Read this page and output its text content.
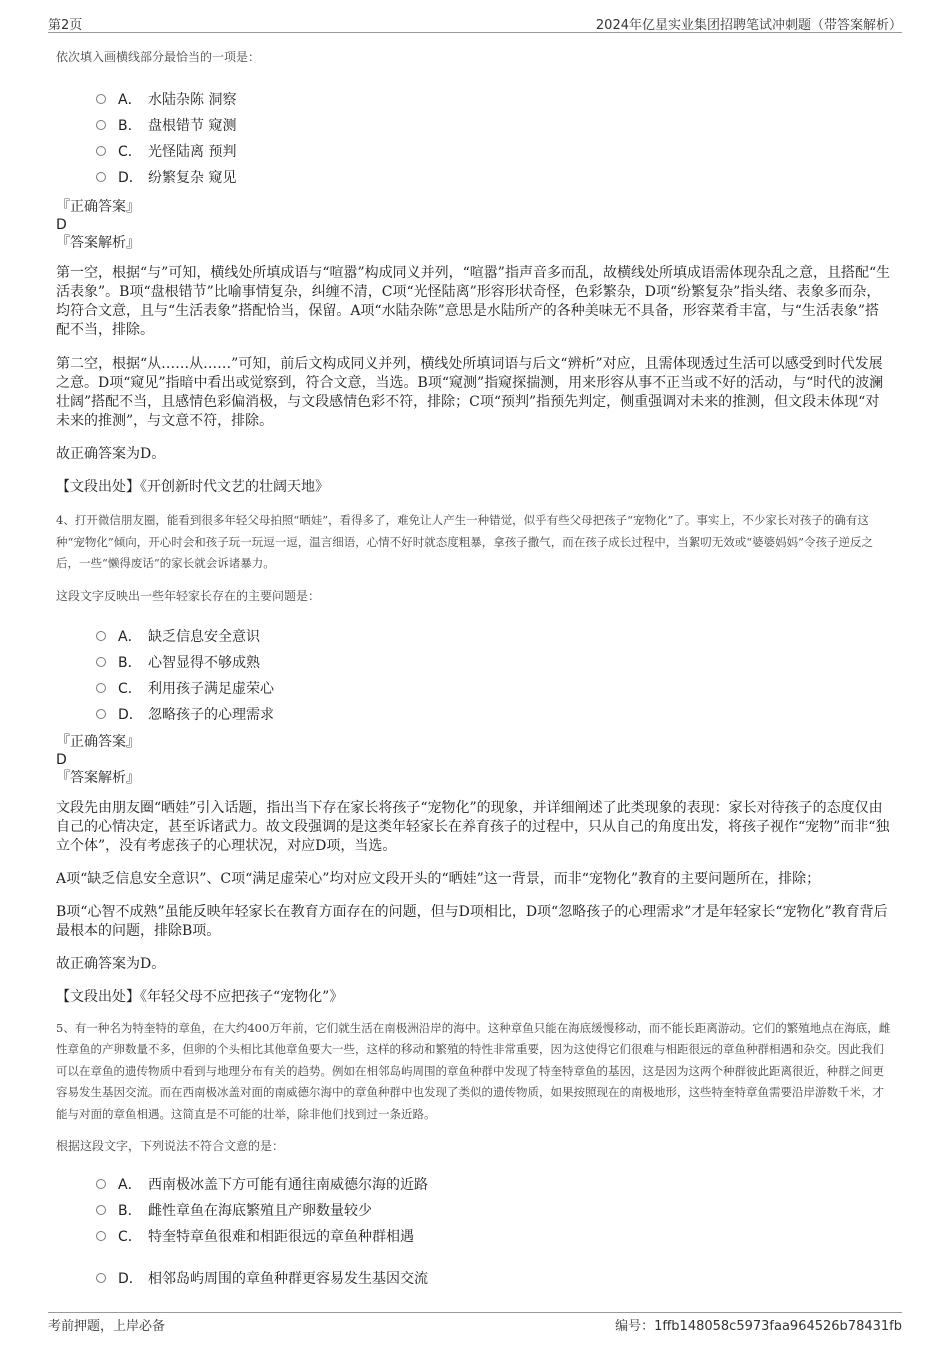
第2页	2024年亿星实业集团招聘笔试冲刺题（带答案解析）

依次填入画横线部分最恰当的一项是：

A． 水陆杂陈 洞察
B． 盘根错节 窥测
C． 光怪陆离 预判
D． 纷繁复杂 窥见

『正确答案』

D

『答案解析』

第一空，根据“与”可知，横线处所填成语与“喧嚣”构成同义并列，“喧嚣”指声音多而乱，故横线处所填成语需体现杂乱之意，且搭配“生活表象”。B项“盘根错节”比喻事情复杂，纠缠不清，C项“光怪陆离”形容形状奇怪，色彩繁杂，D项“纷繁复杂”指头绪、表象多而杂，均符合文意，且与“生活表象”搭配恰当，保留。A项“水陆杂陈”意思是水陆所产的各种美味无不具备，形容菜肴丰富，与“生活表象”搭配不当，排除。

第二空，根据“从……从……”可知，前后文构成同义并列，横线处所填词语与后文“辨析”对应，且需体现透过生活可以感受到时代发展之意。D项“窥见”指暗中看出或觉察到，符合文意，当选。B项“窥测”指窥探揣测，用来形容从事不正当或不好的活动，与“时代的波澜壮阔”搭配不当，且感情色彩偏消极，与文段感情色彩不符，排除；C项“预判”指预先判定，侧重强调对未来的推测，但文段未体现“对未来的推测”，与文意不符，排除。

故正确答案为D。

【文段出处】《开创新时代文艺的壮阔天地》

4、打开微信朋友圈，能看到很多年轻父母拍照“晒娃”，看得多了，难免让人产生一种错觉，似乎有些父母把孩子“宠物化”了。事实上，不少家长对孩子的确有这种“宠物化”倾向，开心时会和孩子玩一玩逗一逗，温言细语，心情不好时就态度粗暴，拿孩子撒气，而在孩子成长过程中，当絮叨无效或“婆婆妈妈”令孩子逆反之后，一些“懒得废话”的家长就会诉诸暴力。

这段文字反映出一些年轻家长存在的主要问题是：

A． 缺乏信息安全意识
B． 心智显得不够成熟
C． 利用孩子满足虚荣心
D． 忽略孩子的心理需求

『正确答案』

D

『答案解析』

文段先由朋友圈“晒娃”引入话题，指出当下存在家长将孩子“宠物化”的现象，并详细阐述了此类现象的表现：家长对待孩子的态度仅由自己的心情决定，甚至诉诸武力。故文段强调的是这类年轻家长在养育孩子的过程中，只从自己的角度出发，将孩子视作“宠物”而非“独立个体”，没有考虑孩子的心理状况，对应D项，当选。

A项“缺乏信息安全意识”、C项“满足虚荣心”均对应文段开头的“晒娃”这一背景，而非“宠物化”教育的主要问题所在，排除；

B项“心智不成熟”虽能反映年轻家长在教育方面存在的问题，但与D项相比，D项“忽略孩子的心理需求”才是年轻家长“宠物化”教育背后最根本的问题，排除B项。

故正确答案为D。

【文段出处】《年轻父母不应把孩子“宠物化”》

5、有一种名为特奎特的章鱼，在大约400万年前，它们就生活在南极洲沿岸的海中。这种章鱼只能在海底缓慢移动，而不能长距离游动。它们的繁殖地点在海底，雌性章鱼的产卵数量不多，但卵的个头相比其他章鱼要大一些，这样的移动和繁殖的特性非常重要，因为这使得它们很难与相距很远的章鱼种群相遇和杂交。因此我们可以在章鱼的遗传物质中看到与地理分布有关的趋势。例如在相邻岛屿周围的章鱼种群中发现了特奎特章鱼的基因，这是因为这两个种群彼此距离很近，种群之间更容易发生基因交流。而在西南极冰盖对面的南威德尔海中的章鱼种群中也发现了类似的遗传物质，如果按照现在的南极地形，这些特奎特章鱼需要沿岸游数千米，才能与对面的章鱼相遇。这简直是不可能的壮举，除非他们找到过一条近路。

根据这段文字，下列说法不符合文意的是：

A． 西南极冰盖下方可能有通往南威德尔海的近路
B． 雌性章鱼在海底繁殖且产卵数量较少
C． 特奎特章鱼很难和相距很远的章鱼种群相遇
D． 相邻岛屿周围的章鱼种群更容易发生基因交流
考前押题，上岸必备	编号：1ffb148058c5973faa964526b78431fb
